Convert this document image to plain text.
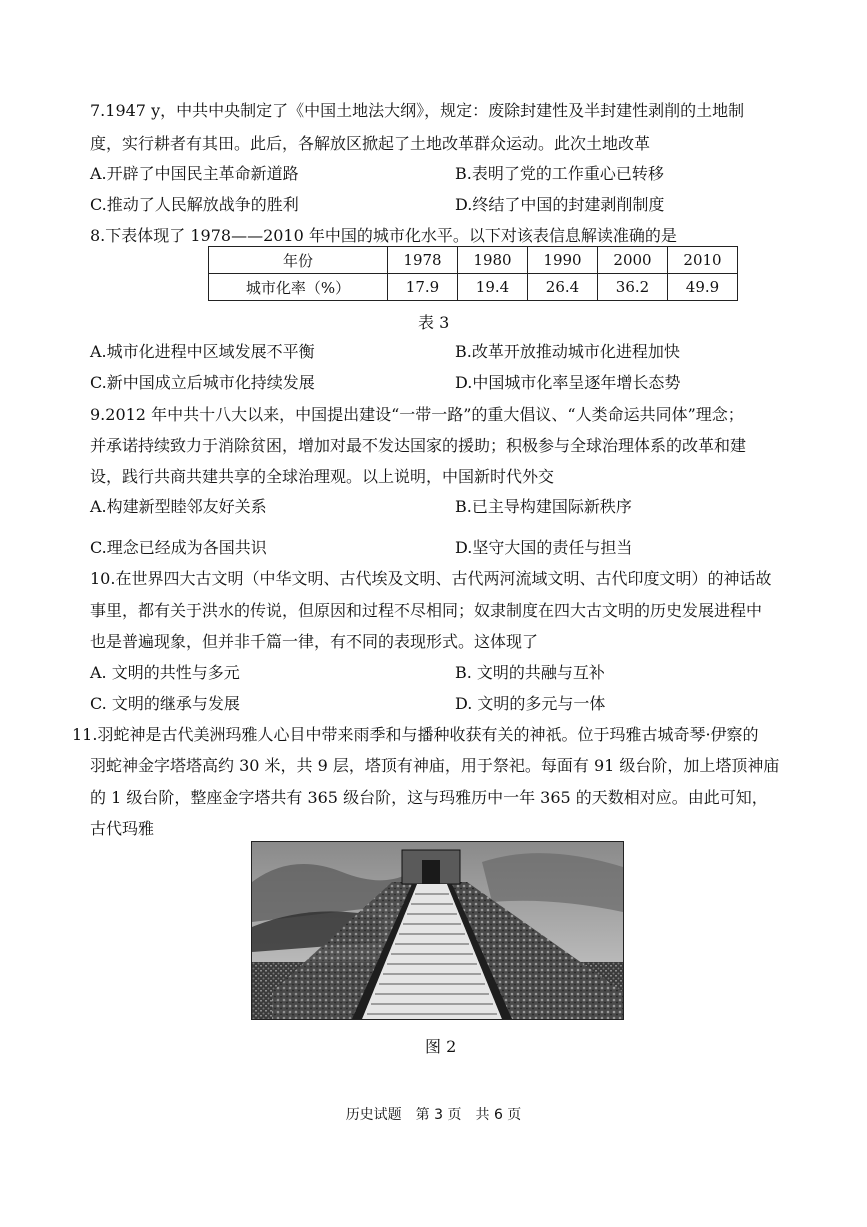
7.1947 y，中共中央制定了《中国土地法大纲》，规定：废除封建性及半封建性剥削的土地制
度，实行耕者有其田。此后，各解放区掀起了土地改革群众运动。此次土地改革
A.开辟了中国民主革命新道路	B.表明了党的工作重心已转移
C.推动了人民解放战争的胜利	D.终结了中国的封建剥削制度
8.下表体现了 1978——2010 年中国的城市化水平。以下对该表信息解读准确的是
年份	1978	1980	1990	2000	2010
城市化率（%）	17.9	19.4	26.4	36.2	49.9
表 3
A.城市化进程中区域发展不平衡	B.改革开放推动城市化进程加快
C.新中国成立后城市化持续发展	D.中国城市化率呈逐年增长态势
9.2012 年中共十八大以来，中国提出建设“一带一路”的重大倡议、“人类命运共同体”理念；
并承诺持续致力于消除贫困，增加对最不发达国家的援助；积极参与全球治理体系的改革和建
设，践行共商共建共享的全球治理观。以上说明，中国新时代外交
A.构建新型睦邻友好关系	B.已主导构建国际新秩序
C.理念已经成为各国共识	D.坚守大国的责任与担当
10.在世界四大古文明（中华文明、古代埃及文明、古代两河流域文明、古代印度文明）的神话故
事里，都有关于洪水的传说，但原因和过程不尽相同；奴隶制度在四大古文明的历史发展进程中
也是普遍现象，但并非千篇一律，有不同的表现形式。这体现了
A. 文明的共性与多元	B. 文明的共融与互补
C. 文明的继承与发展	D. 文明的多元与一体
11.羽蛇神是古代美洲玛雅人心目中带来雨季和与播种收获有关的神祇。位于玛雅古城奇琴·伊察的
羽蛇神金字塔塔高约 30 米，共 9 层，塔顶有神庙，用于祭祀。每面有 91 级台阶，加上塔顶神庙
的 1 级台阶，整座金字塔共有 365 级台阶，这与玛雅历中一年 365 的天数相对应。由此可知，
古代玛雅
图 2
历史试题　第 3 页　共 6 页
